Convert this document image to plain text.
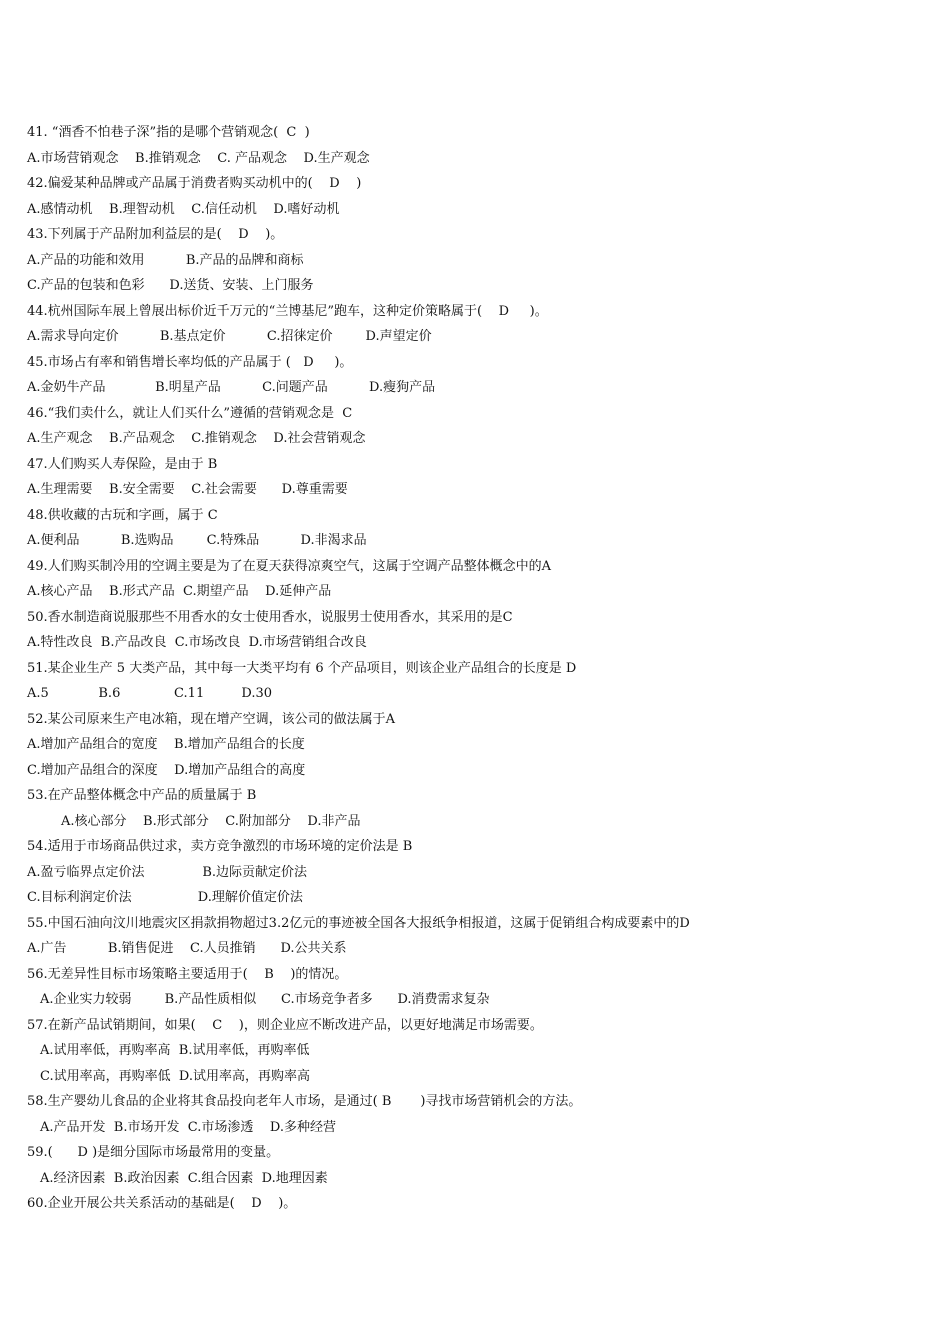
41. “酒香不怕巷子深”指的是哪个营销观念(  C  )
A.市场营销观念    B.推销观念    C. 产品观念    D.生产观念
42.偏爱某种品牌或产品属于消费者购买动机中的(    D    )
A.感情动机    B.理智动机    C.信任动机    D.嗜好动机
43.下列属于产品附加利益层的是(    D    )。
A.产品的功能和效用          B.产品的品牌和商标
C.产品的包装和色彩      D.送货、安装、上门服务
44.杭州国际车展上曾展出标价近千万元的“兰博基尼”跑车，这种定价策略属于(    D     )。
A.需求导向定价          B.基点定价          C.招徕定价        D.声望定价
45.市场占有率和销售增长率均低的产品属于 (   D     )。
A.金奶牛产品            B.明星产品          C.问题产品          D.瘦狗产品
46.“我们卖什么，就让人们买什么”遵循的营销观念是  C
A.生产观念    B.产品观念    C.推销观念    D.社会营销观念
47.人们购买人寿保险，是由于 B
A.生理需要    B.安全需要    C.社会需要      D.尊重需要
48.供收藏的古玩和字画，属于 C
A.便利品          B.选购品        C.特殊品          D.非渴求品
49.人们购买制冷用的空调主要是为了在夏天获得凉爽空气，这属于空调产品整体概念中的A
A.核心产品    B.形式产品  C.期望产品    D.延伸产品
50.香水制造商说服那些不用香水的女士使用香水，说服男士使用香水，其采用的是C
A.特性改良  B.产品改良  C.市场改良  D.市场营销组合改良
51.某企业生产 5 大类产品，其中每一大类平均有 6 个产品项目，则该企业产品组合的长度是 D
A.5            B.6             C.11         D.30
52.某公司原来生产电冰箱，现在增产空调，该公司的做法属于A
A.增加产品组合的宽度    B.增加产品组合的长度
C.增加产品组合的深度    D.增加产品组合的高度
53.在产品整体概念中产品的质量属于 B
A.核心部分    B.形式部分    C.附加部分    D.非产品
54.适用于市场商品供过求，卖方竞争激烈的市场环境的定价法是 B
A.盈亏临界点定价法              B.边际贡献定价法
C.目标利润定价法                D.理解价值定价法
55.中国石油向汶川地震灾区捐款捐物超过3.2亿元的事迹被全国各大报纸争相报道，这属于促销组合构成要素中的D
A.广告          B.销售促进    C.人员推销      D.公共关系
56.无差异性目标市场策略主要适用于(    B    )的情况。
A.企业实力较弱        B.产品性质相似      C.市场竞争者多      D.消费需求复杂
57.在新产品试销期间，如果(    C    )，则企业应不断改进产品，以更好地满足市场需要。
A.试用率低，再购率高  B.试用率低，再购率低
C.试用率高，再购率低  D.试用率高，再购率高
58.生产婴幼儿食品的企业将其食品投向老年人市场，是通过( B       )寻找市场营销机会的方法。
A.产品开发  B.市场开发  C.市场渗透    D.多种经营
59.(      D )是细分国际市场最常用的变量。
A.经济因素  B.政治因素  C.组合因素  D.地理因素
60.企业开展公共关系活动的基础是(    D    )。
